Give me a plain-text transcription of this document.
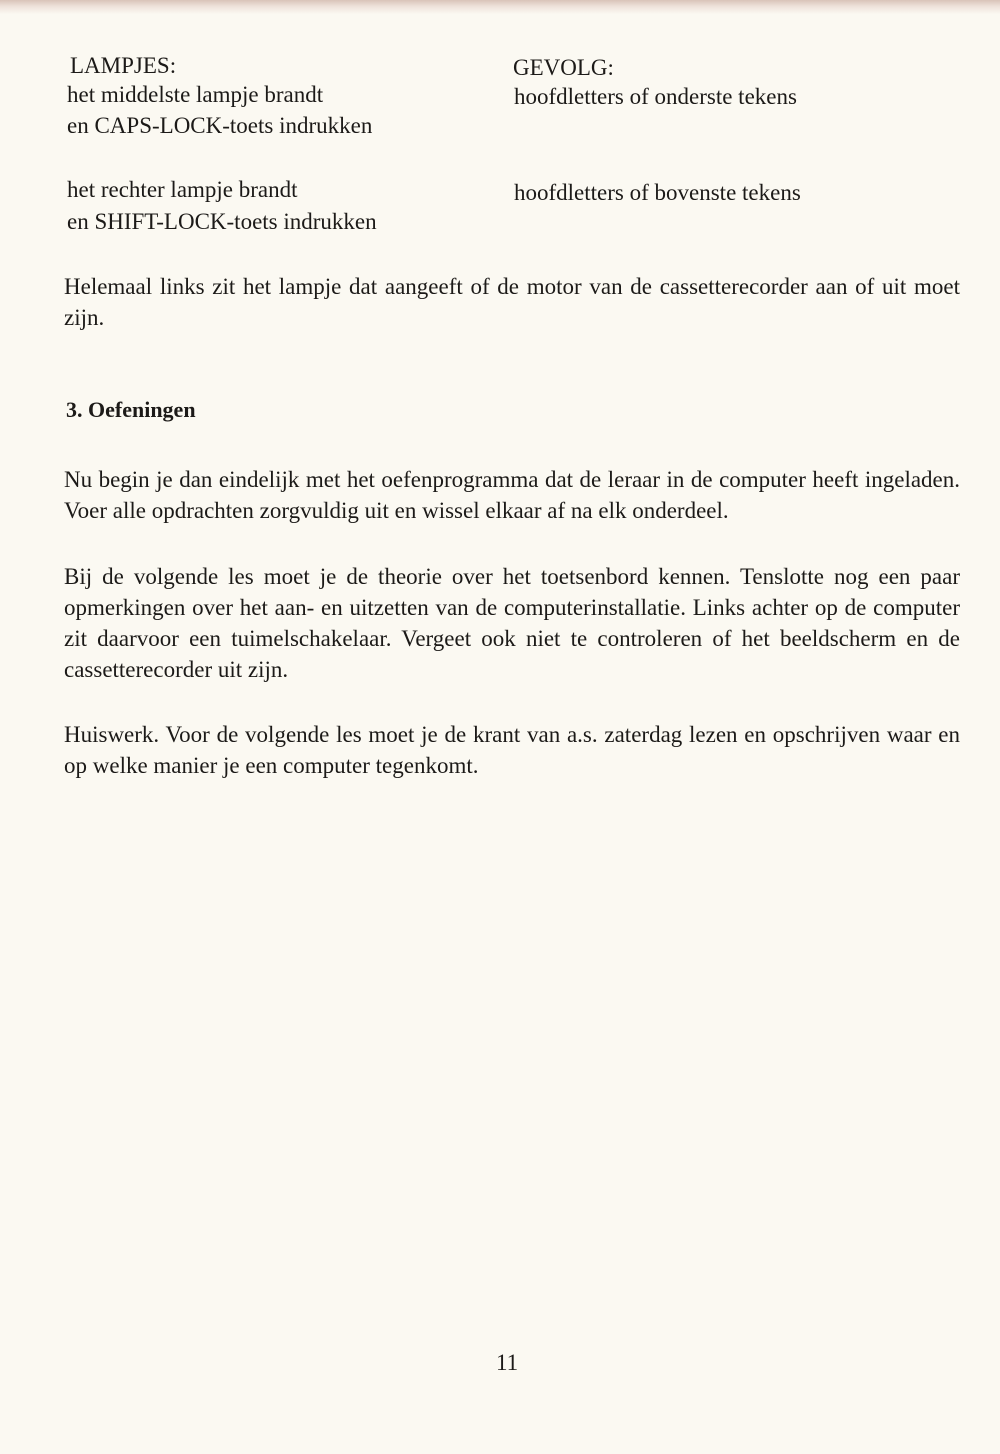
LAMPJES:	GEVOLG:
het middelste lampje brandt
en CAPS-LOCK-toets indrukken
hoofdletters of onderste tekens
het rechter lampje brandt
en SHIFT-LOCK-toets indrukken
hoofdletters of bovenste tekens

Helemaal links zit het lampje dat aangeeft of de motor van de cassetterecorder aan of uit moet zijn.

3. Oefeningen

Nu begin je dan eindelijk met het oefenprogramma dat de leraar in de computer heeft ingeladen. Voer alle opdrachten zorgvuldig uit en wissel elkaar af na elk onderdeel.

Bij de volgende les moet je de theorie over het toetsenbord kennen. Tenslotte nog een paar opmerkingen over het aan- en uitzetten van de computerinstallatie. Links achter op de computer zit daarvoor een tuimelschakelaar. Vergeet ook niet te controleren of het beeldscherm en de cassetterecorder uit zijn.

Huiswerk. Voor de volgende les moet je de krant van a.s. zaterdag lezen en opschrijven waar en op welke manier je een computer tegenkomt.

11
